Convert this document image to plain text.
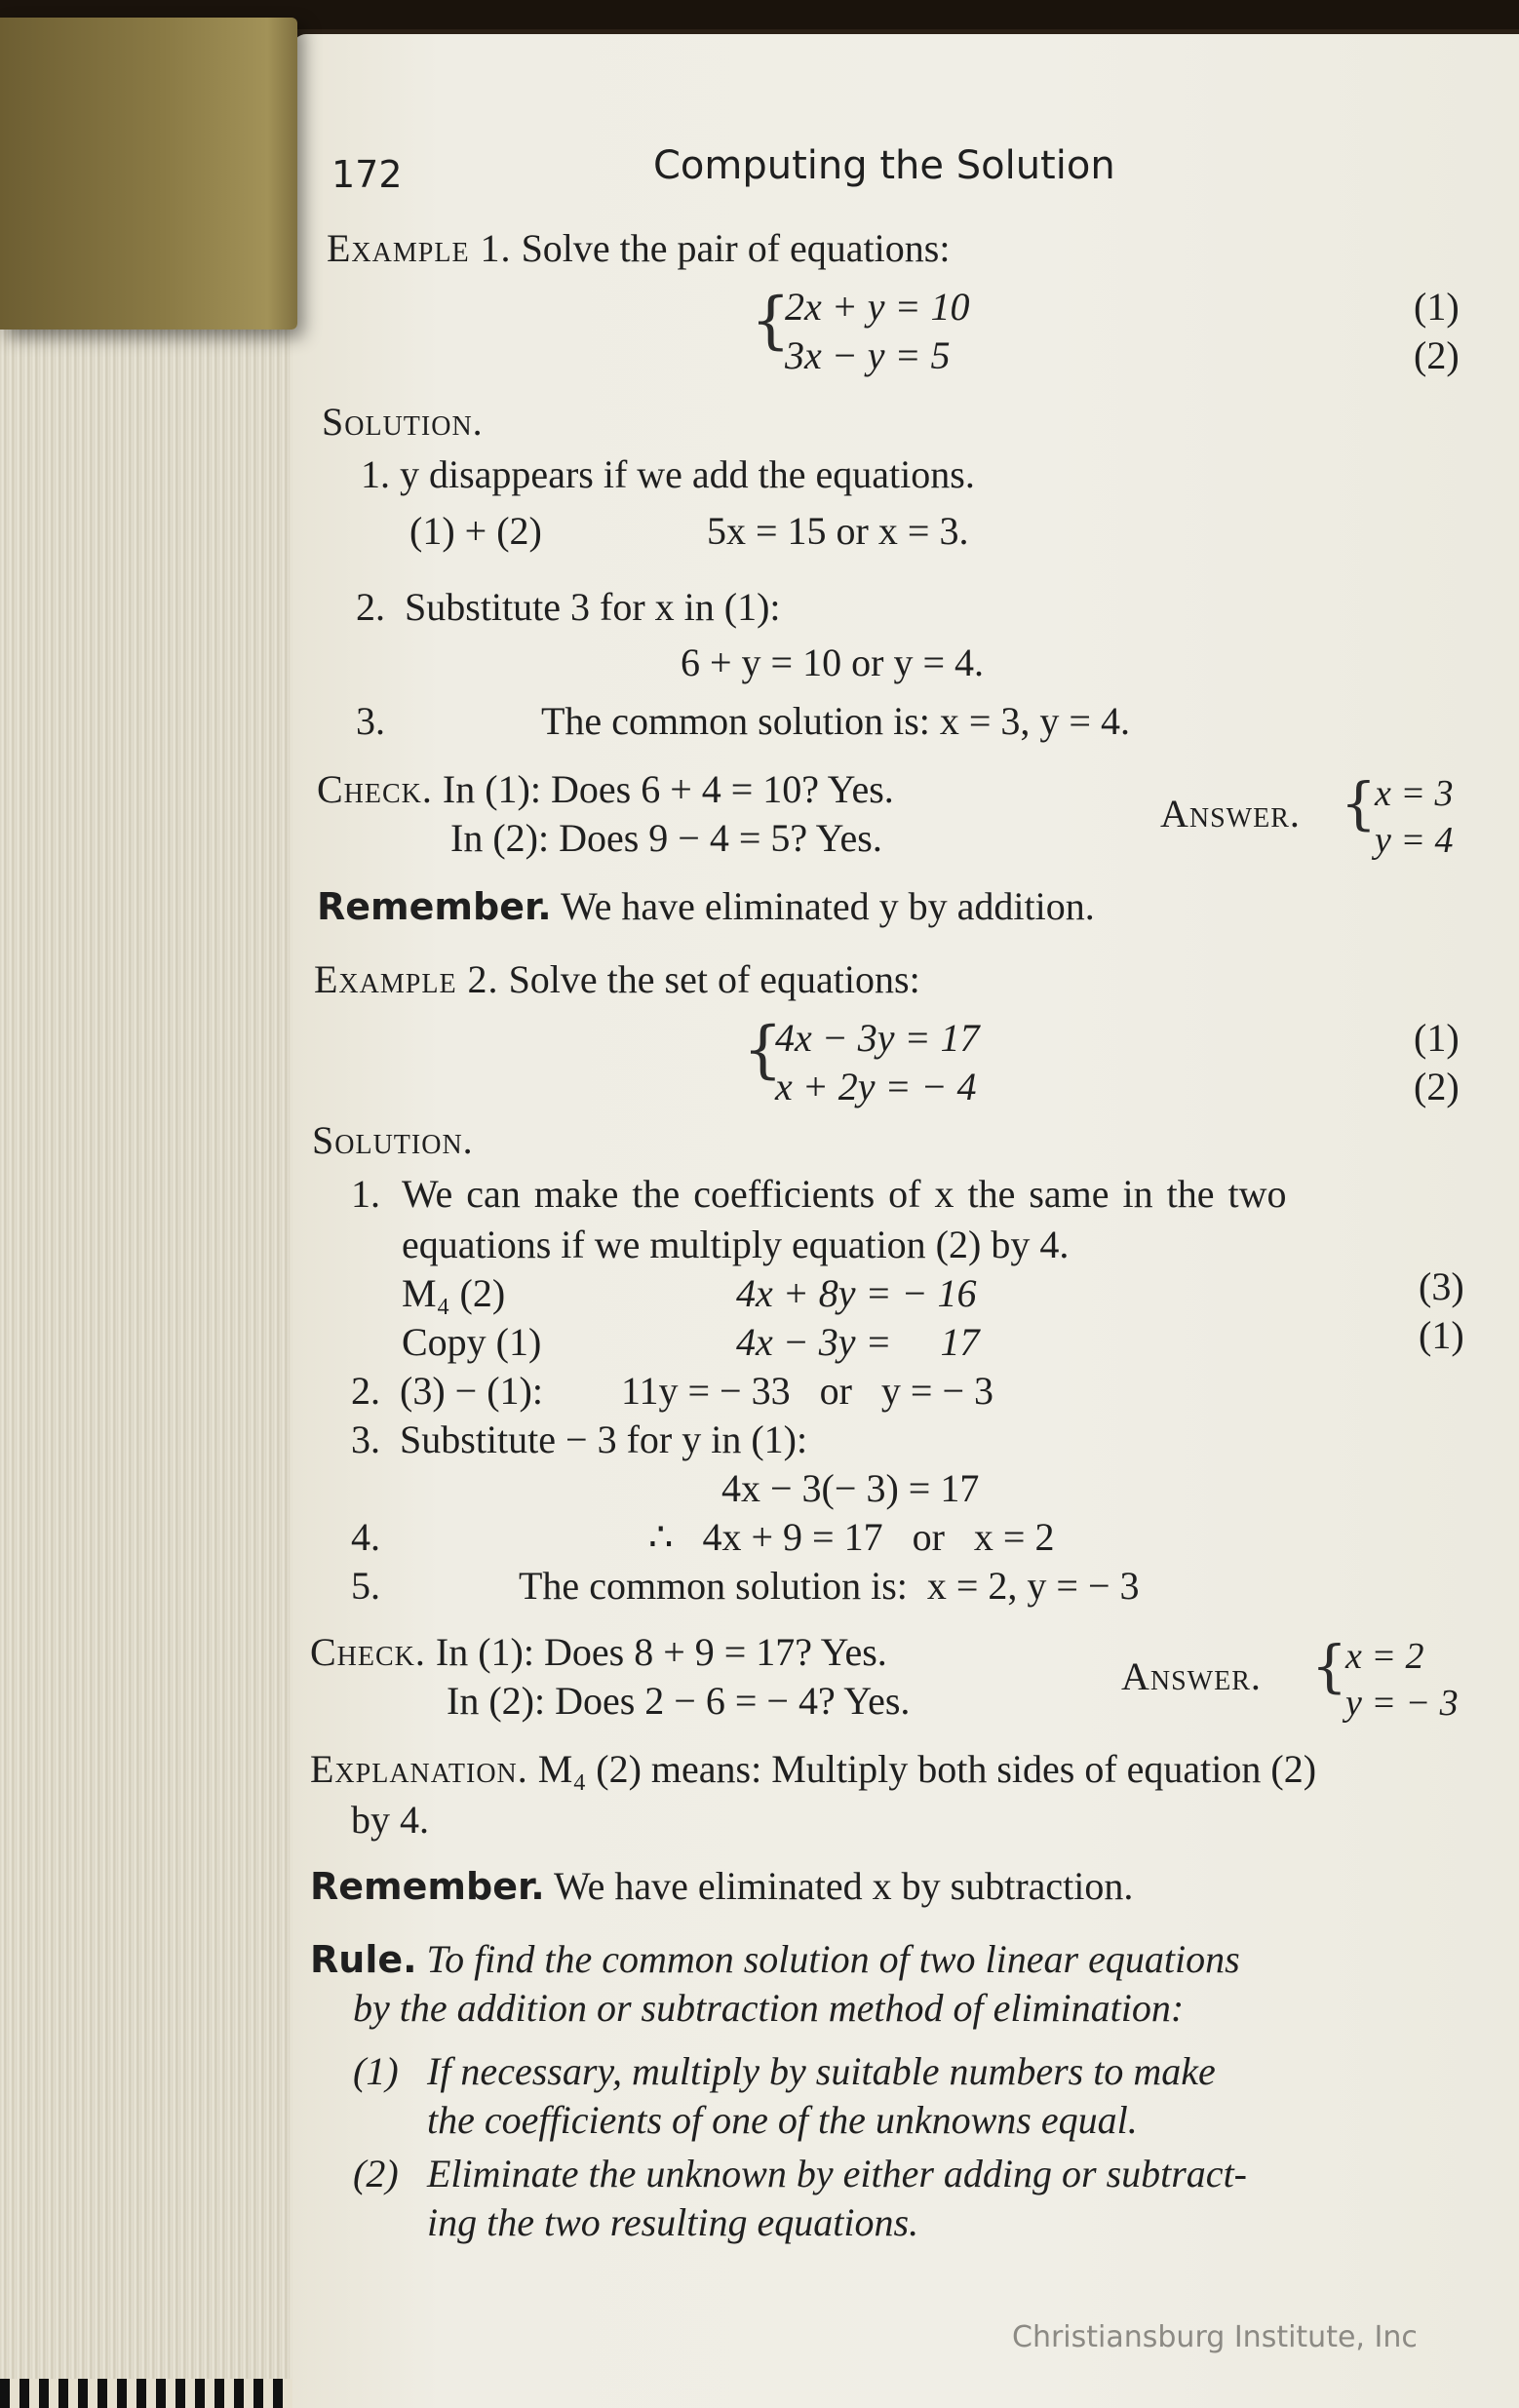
172	Computing the Solution
Example 1. Solve the pair of equations:
{
2x + y = 10	(1)
3x − y = 5	(2)
Solution.
1. y disappears if we add the equations.
(1) + (2)	5x = 15 or x = 3.
2. Substitute 3 for x in (1):
6 + y = 10 or y = 4.
3.	The common solution is: x = 3, y = 4.
Check. In (1): Does 6 + 4 = 10? Yes.
In (2): Does 9 − 4 = 5? Yes.
Answer. {
x = 3
y = 4
Remember. We have eliminated y by addition.
Example 2. Solve the set of equations:
{
4x − 3y = 17	(1)
x + 2y = − 4	(2)
Solution.
1. We can make the coefficients of x the same in the two
equations if we multiply equation (2) by 4.
M₄ (2)	4x + 8y = − 16	(3)
Copy (1)	4x − 3y =     17	(1)
2.  (3) − (1):        11y = − 33   or   y = − 3
3.  Substitute − 3 for y in (1):
4x − 3(− 3) = 17
4.	∴   4x + 9 = 17   or   x = 2
5.	The common solution is:  x = 2, y = − 3
Check. In (1): Does 8 + 9 = 17? Yes.
In (2): Does 2 − 6 = − 4? Yes.
Answer. {
x = 2
y = − 3
Explanation. M₄ (2) means: Multiply both sides of equation (2)
by 4.
Remember. We have eliminated x by subtraction.
Rule. To find the common solution of two linear equations
by the addition or subtraction method of elimination:
(1) If necessary, multiply by suitable numbers to make
the coefficients of one of the unknowns equal.
(2) Eliminate the unknown by either adding or subtract-
ing the two resulting equations.
Christiansburg Institute, Inc
